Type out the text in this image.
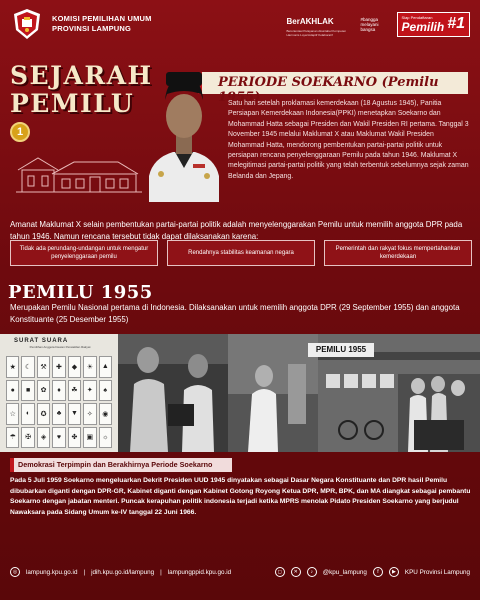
KOMISI PEMILIHAN UMUM
PROVINSI LAMPUNG
BerAKHLAK
Berorientasi Pelayanan Akuntabel Kompeten Harmonis Loyal Adaptif Kolaboratif
#bangga melayani bangsa
Siap Pendaftaran
Pemilih #1
SEJARAH
PEMILU
1
PERIODE SOEKARNO (Pemilu 1955)
Satu hari setelah proklamasi kemerdekaan (18 Agustus 1945), Panitia Persiapan Kemerdekaan Indonesia(PPKI) menetapkan Soekarno dan Mohammad Hatta sebagai Presiden dan Wakil Presiden RI pertama. Tanggal 3 November 1945 melalui Maklumat X atau Maklumat Wakil Presiden Mohammad Hatta, mendorong pembentukan partai-partai politik untuk persiapan rencana penyelenggaraan Pemilu pada tahun 1946. Maklumat X melegitimasi partai-partai politik yang telah terbentuk sebelumnya sejak zaman Belanda dan Jepang.
Amanat Maklumat X selain pembentukan partai-partai politik adalah menyelenggarakan Pemilu untuk memilih anggota DPR pada tahun 1946. Namun rencana tersebut tidak dapat dilaksanakan karena:
Tidak ada perundang-undangan untuk mengatur penyelenggaraan pemilu
Rendahnya stabilitas keamanan negara
Pemerintah dan rakyat fokus mempertahankan kemerdekaan
PEMILU 1955
Merupakan Pemilu Nasional pertama di Indonesia. Dilaksanakan untuk memilih anggota DPR (29 September 1955) dan anggota Konstituante (25 Desember 1955)
SURAT SUARA
Pemilihan Anggota Dewan Perwakilan Rakyat
★	☾	⚒	✚	◆	☀	▲
●	■	✿	♦	☘	✦	♠
☆	◐	✪	♣	▼	✧	◉
☂	✠	◈	♥	✤	▣	☼
PEMILU 1955
Demokrasi Terpimpin dan Berakhirnya Periode Soekarno
Pada 5 Juli 1959 Soekarno mengeluarkan Dekrit Presiden UUD 1945 dinyatakan sebagai Dasar Negara Konstituante dan DPR hasil Pemilu dibubarkan diganti dengan DPR-GR, Kabinet diganti dengan Kabinet Gotong Royong Ketua DPR, MPR, BPK, dan MA diangkat sebagai pembantu Soekarno dengan jabatan menteri. Puncak kerapuhan politik indonesia terjadi ketika MPRS menolak Pidato Presiden Soekarno yang berjudul Nawaksara pada Sidang Umum ke-IV tanggal 22 Juni 1966.
◎	lampung.kpu.go.id | jdih.kpu.go.id/lampung | lampungppid.kpu.go.id	◻	✕	♪	@kpu_lampung	f	▶	KPU Provinsi Lampung
